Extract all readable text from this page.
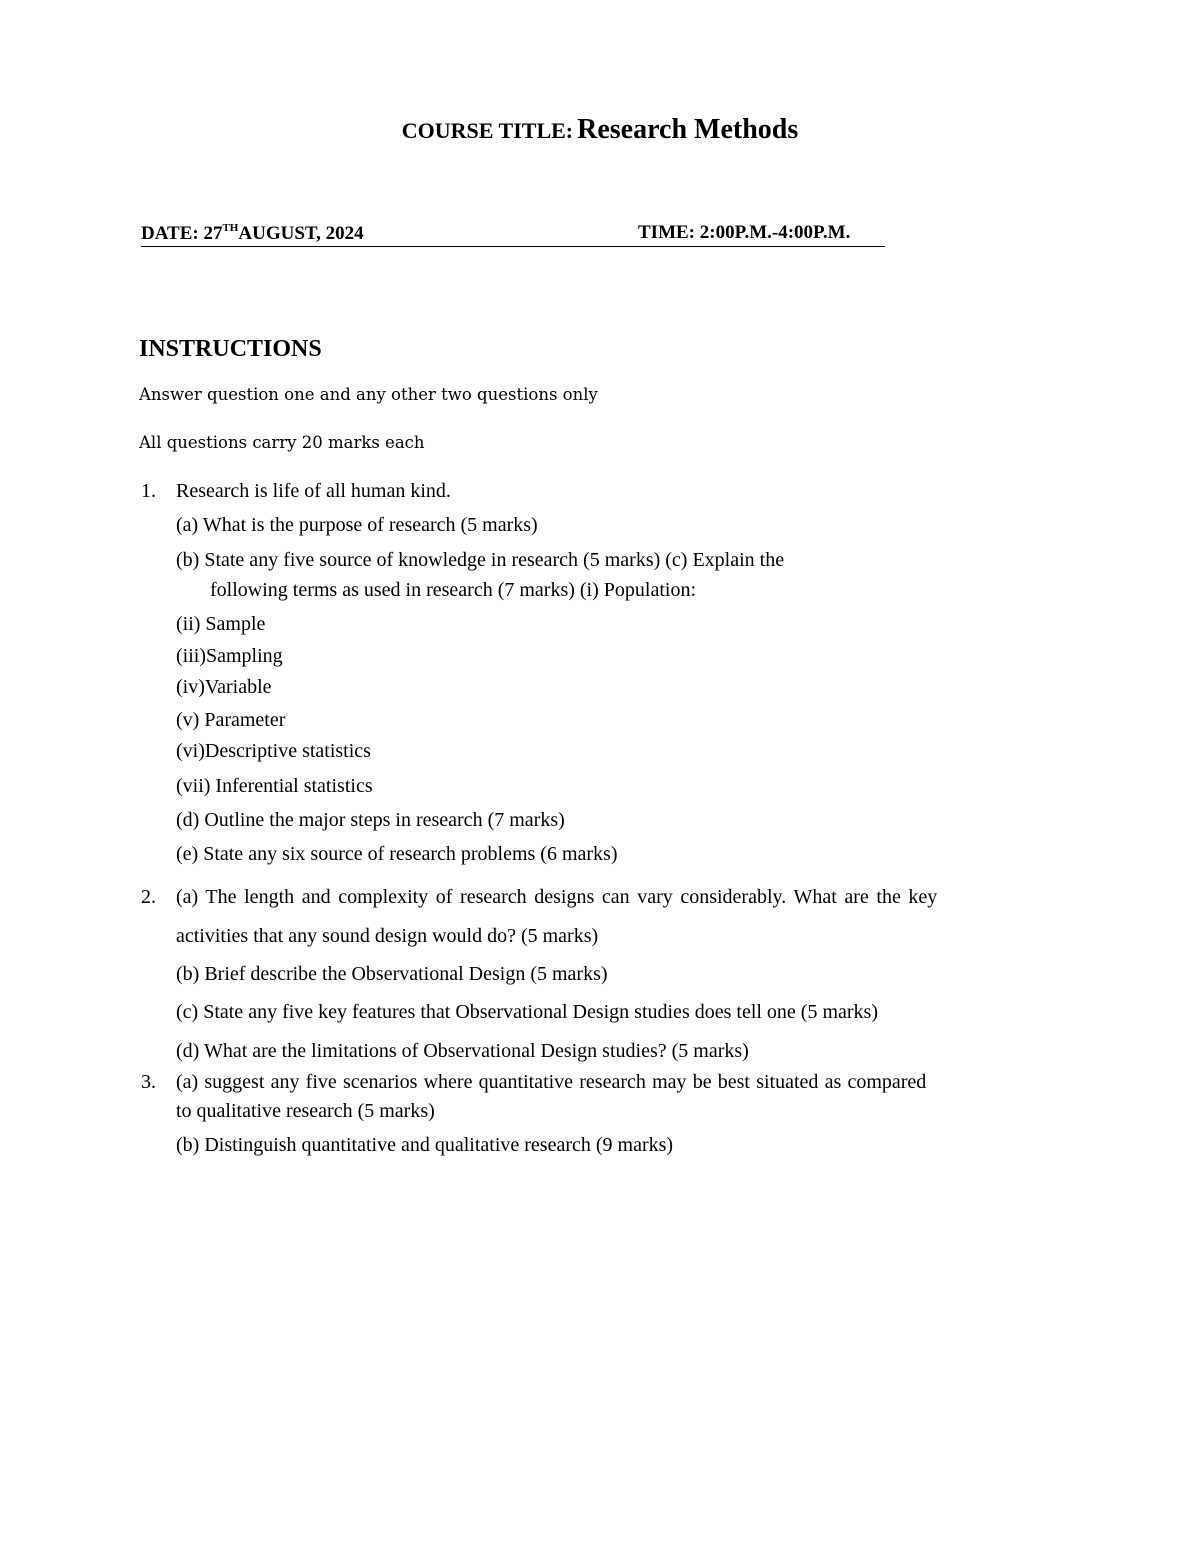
COURSE TITLE: Research Methods
DATE: 27THAUGUST, 2024	TIME: 2:00P.M.-4:00P.M.
INSTRUCTIONS
Answer question one and any other two questions only
All questions carry 20 marks each
1. Research is life of all human kind.
(a) What is the purpose of research (5 marks)
(b) State any five source of knowledge in research (5 marks) (c) Explain the
following terms as used in research (7 marks) (i) Population:
(ii) Sample
(iii)Sampling
(iv)Variable
(v) Parameter
(vi)Descriptive statistics
(vii) Inferential statistics
(d) Outline the major steps in research (7 marks)
(e) State any six source of research problems (6 marks)
2. (a) The length and complexity of research designs can vary considerably. What are the key
activities that any sound design would do? (5 marks)
(b) Brief describe the Observational Design (5 marks)
(c) State any five key features that Observational Design studies does tell one (5 marks)
(d) What are the limitations of Observational Design studies? (5 marks)
3. (a) suggest any five scenarios where quantitative research may be best situated as compared
to qualitative research (5 marks)
(b) Distinguish quantitative and qualitative research (9 marks)
